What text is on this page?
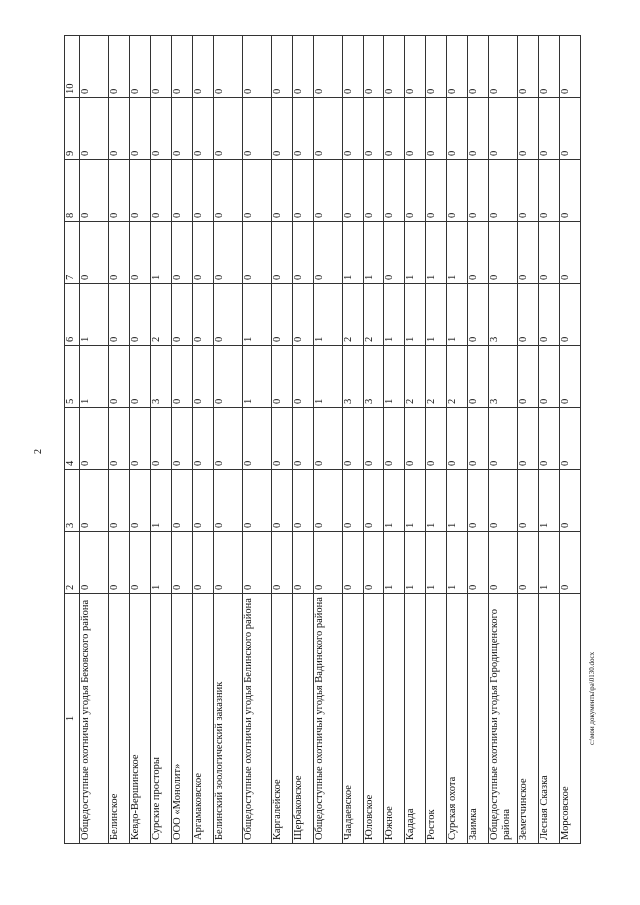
2
1	2	3	4	5	6	7	8	9	10
Общедоступные охотничьи угодья Бековского района	0	0	0	1	1	0	0	0	0
Белинское	0	0	0	0	0	0	0	0	0
Кевдо-Вершинское	0	0	0	0	0	0	0	0	0
Сурские просторы	1	1	0	3	2	1	0	0	0
ООО «Монолит»	0	0	0	0	0	0	0	0	0
Аргамаковское	0	0	0	0	0	0	0	0	0
Белинский зоологический заказник	0	0	0	0	0	0	0	0	0
Общедоступные охотничьи угодья Белинского района	0	0	0	1	1	0	0	0	0
Каргалейское	0	0	0	0	0	0	0	0	0
Щербаковское	0	0	0	0	0	0	0	0	0
Общедоступные охотничьи угодья Вадинского района	0	0	0	1	1	0	0	0	0
Чаадаевское	0	0	0	3	2	1	0	0	0
Юловское	0	0	0	3	2	1	0	0	0
Южное	1	1	0	1	1	0	0	0	0
Кадада	1	1	0	2	1	1	0	0	0
Росток	1	1	0	2	1	1	0	0	0
Сурская охота	1	1	0	2	1	1	0	0	0
Заимка	0	0	0	0	0	0	0	0	0
Общедоступные охотничьи угодья Городищенского района	0	0	0	3	3	0	0	0	0
Земетчинское	0	0	0	0	0	0	0	0	0
Лесная Сказка	1	1	0	0	0	0	0	0	0
Морсовское	0	0	0	0	0	0	0	0	0
c:\мои документы\pa\0130.docx
